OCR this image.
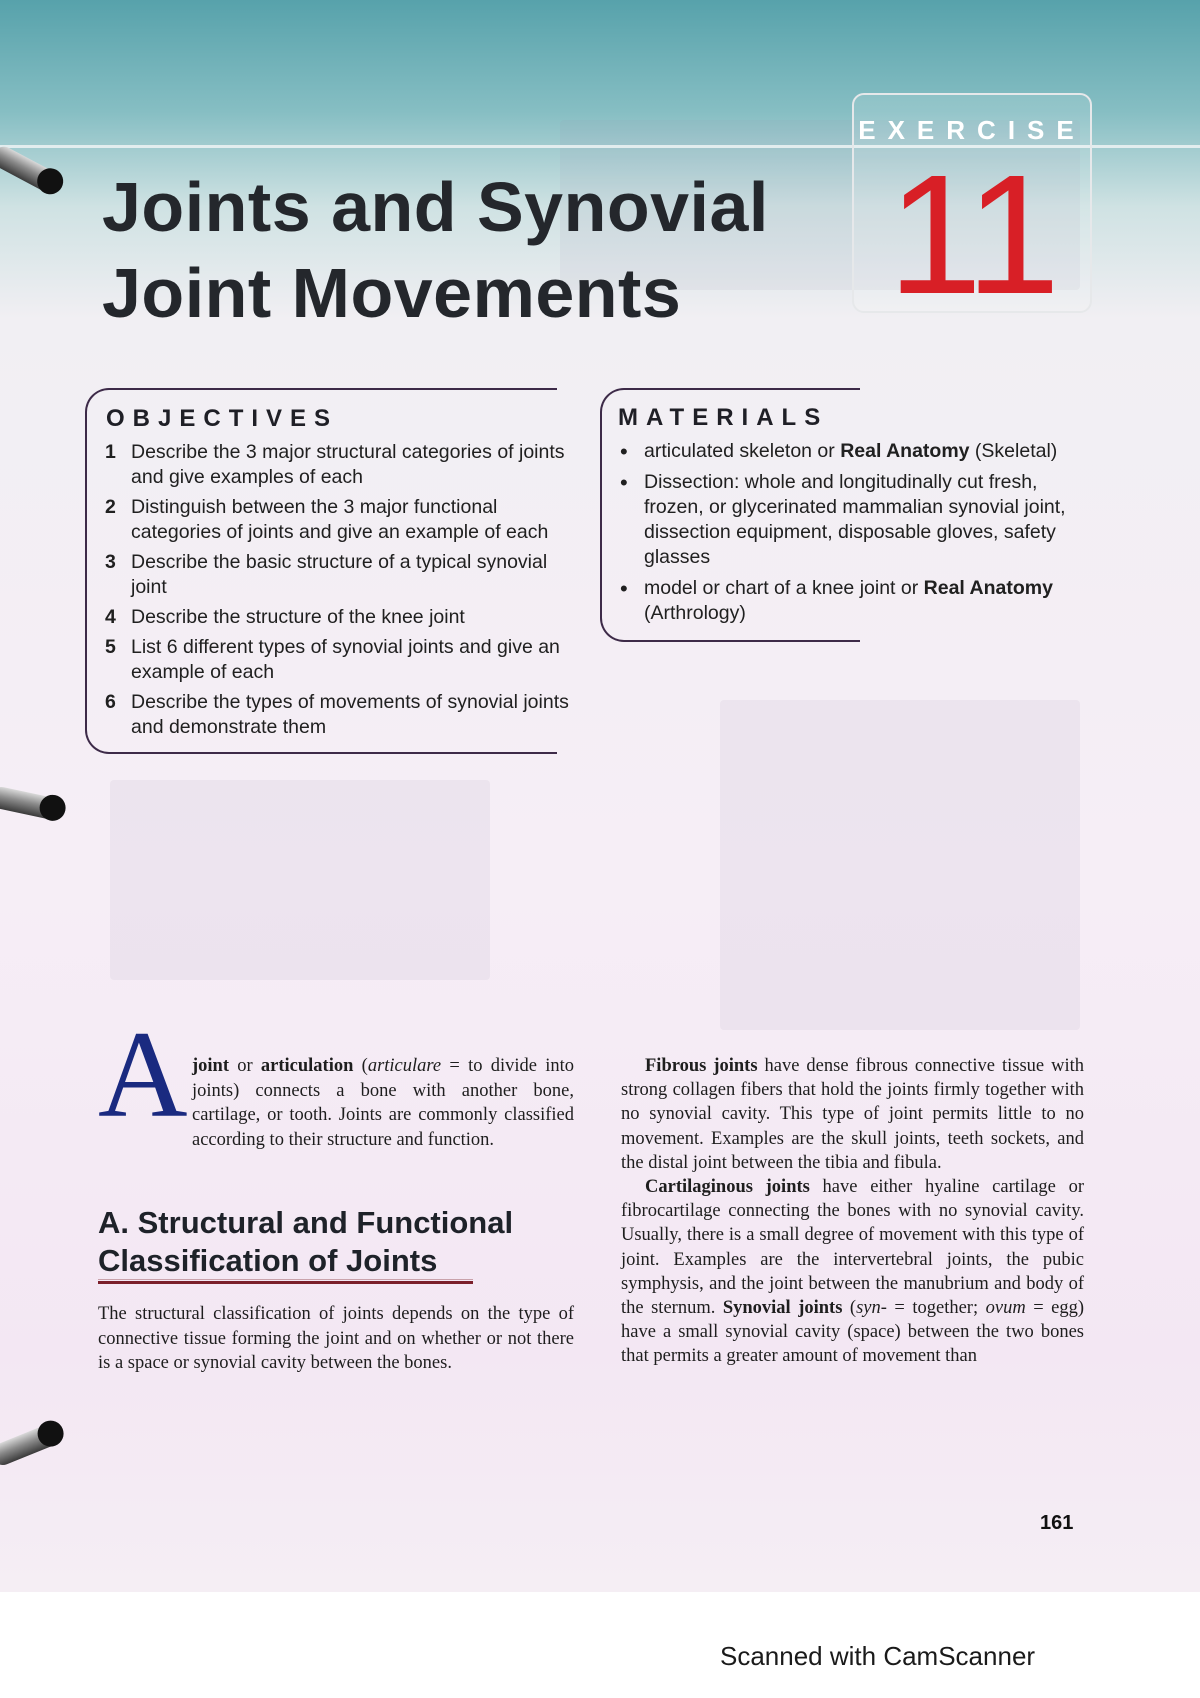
EXERCISE
11
Joints and Synovial
Joint Movements
OBJECTIVES
1 Describe the 3 major structural categories of joints and give examples of each
2 Distinguish between the 3 major functional categories of joints and give an example of each
3 Describe the basic structure of a typical synovial joint
4 Describe the structure of the knee joint
5 List 6 different types of synovial joints and give an example of each
6 Describe the types of movements of synovial joints and demonstrate them
MATERIALS
• articulated skeleton or Real Anatomy (Skeletal)
• Dissection: whole and longitudinally cut fresh, frozen, or glycerinated mammalian synovial joint, dissection equipment, disposable gloves, safety glasses
• model or chart of a knee joint or Real Anatomy (Arthrology)
A joint or articulation (articulare = to divide into joints) connects a bone with another bone, cartilage, or tooth. Joints are commonly classified according to their structure and function.

A. Structural and Functional
Classification of Joints

The structural classification of joints depends on the type of connective tissue forming the joint and on whether or not there is a space or synovial cavity between the bones.

Fibrous joints have dense fibrous connective tissue with strong collagen fibers that hold the joints firmly together with no synovial cavity. This type of joint permits little to no movement. Examples are the skull joints, teeth sockets, and the distal joint between the tibia and fibula.

Cartilaginous joints have either hyaline cartilage or fibrocartilage connecting the bones with no synovial cavity. Usually, there is a small degree of movement with this type of joint. Examples are the intervertebral joints, the pubic symphysis, and the joint between the manubrium and body of the sternum. Synovial joints (syn- = together; ovum = egg) have a small synovial cavity (space) between the two bones that permits a greater amount of movement than

161
Scanned with CamScanner
